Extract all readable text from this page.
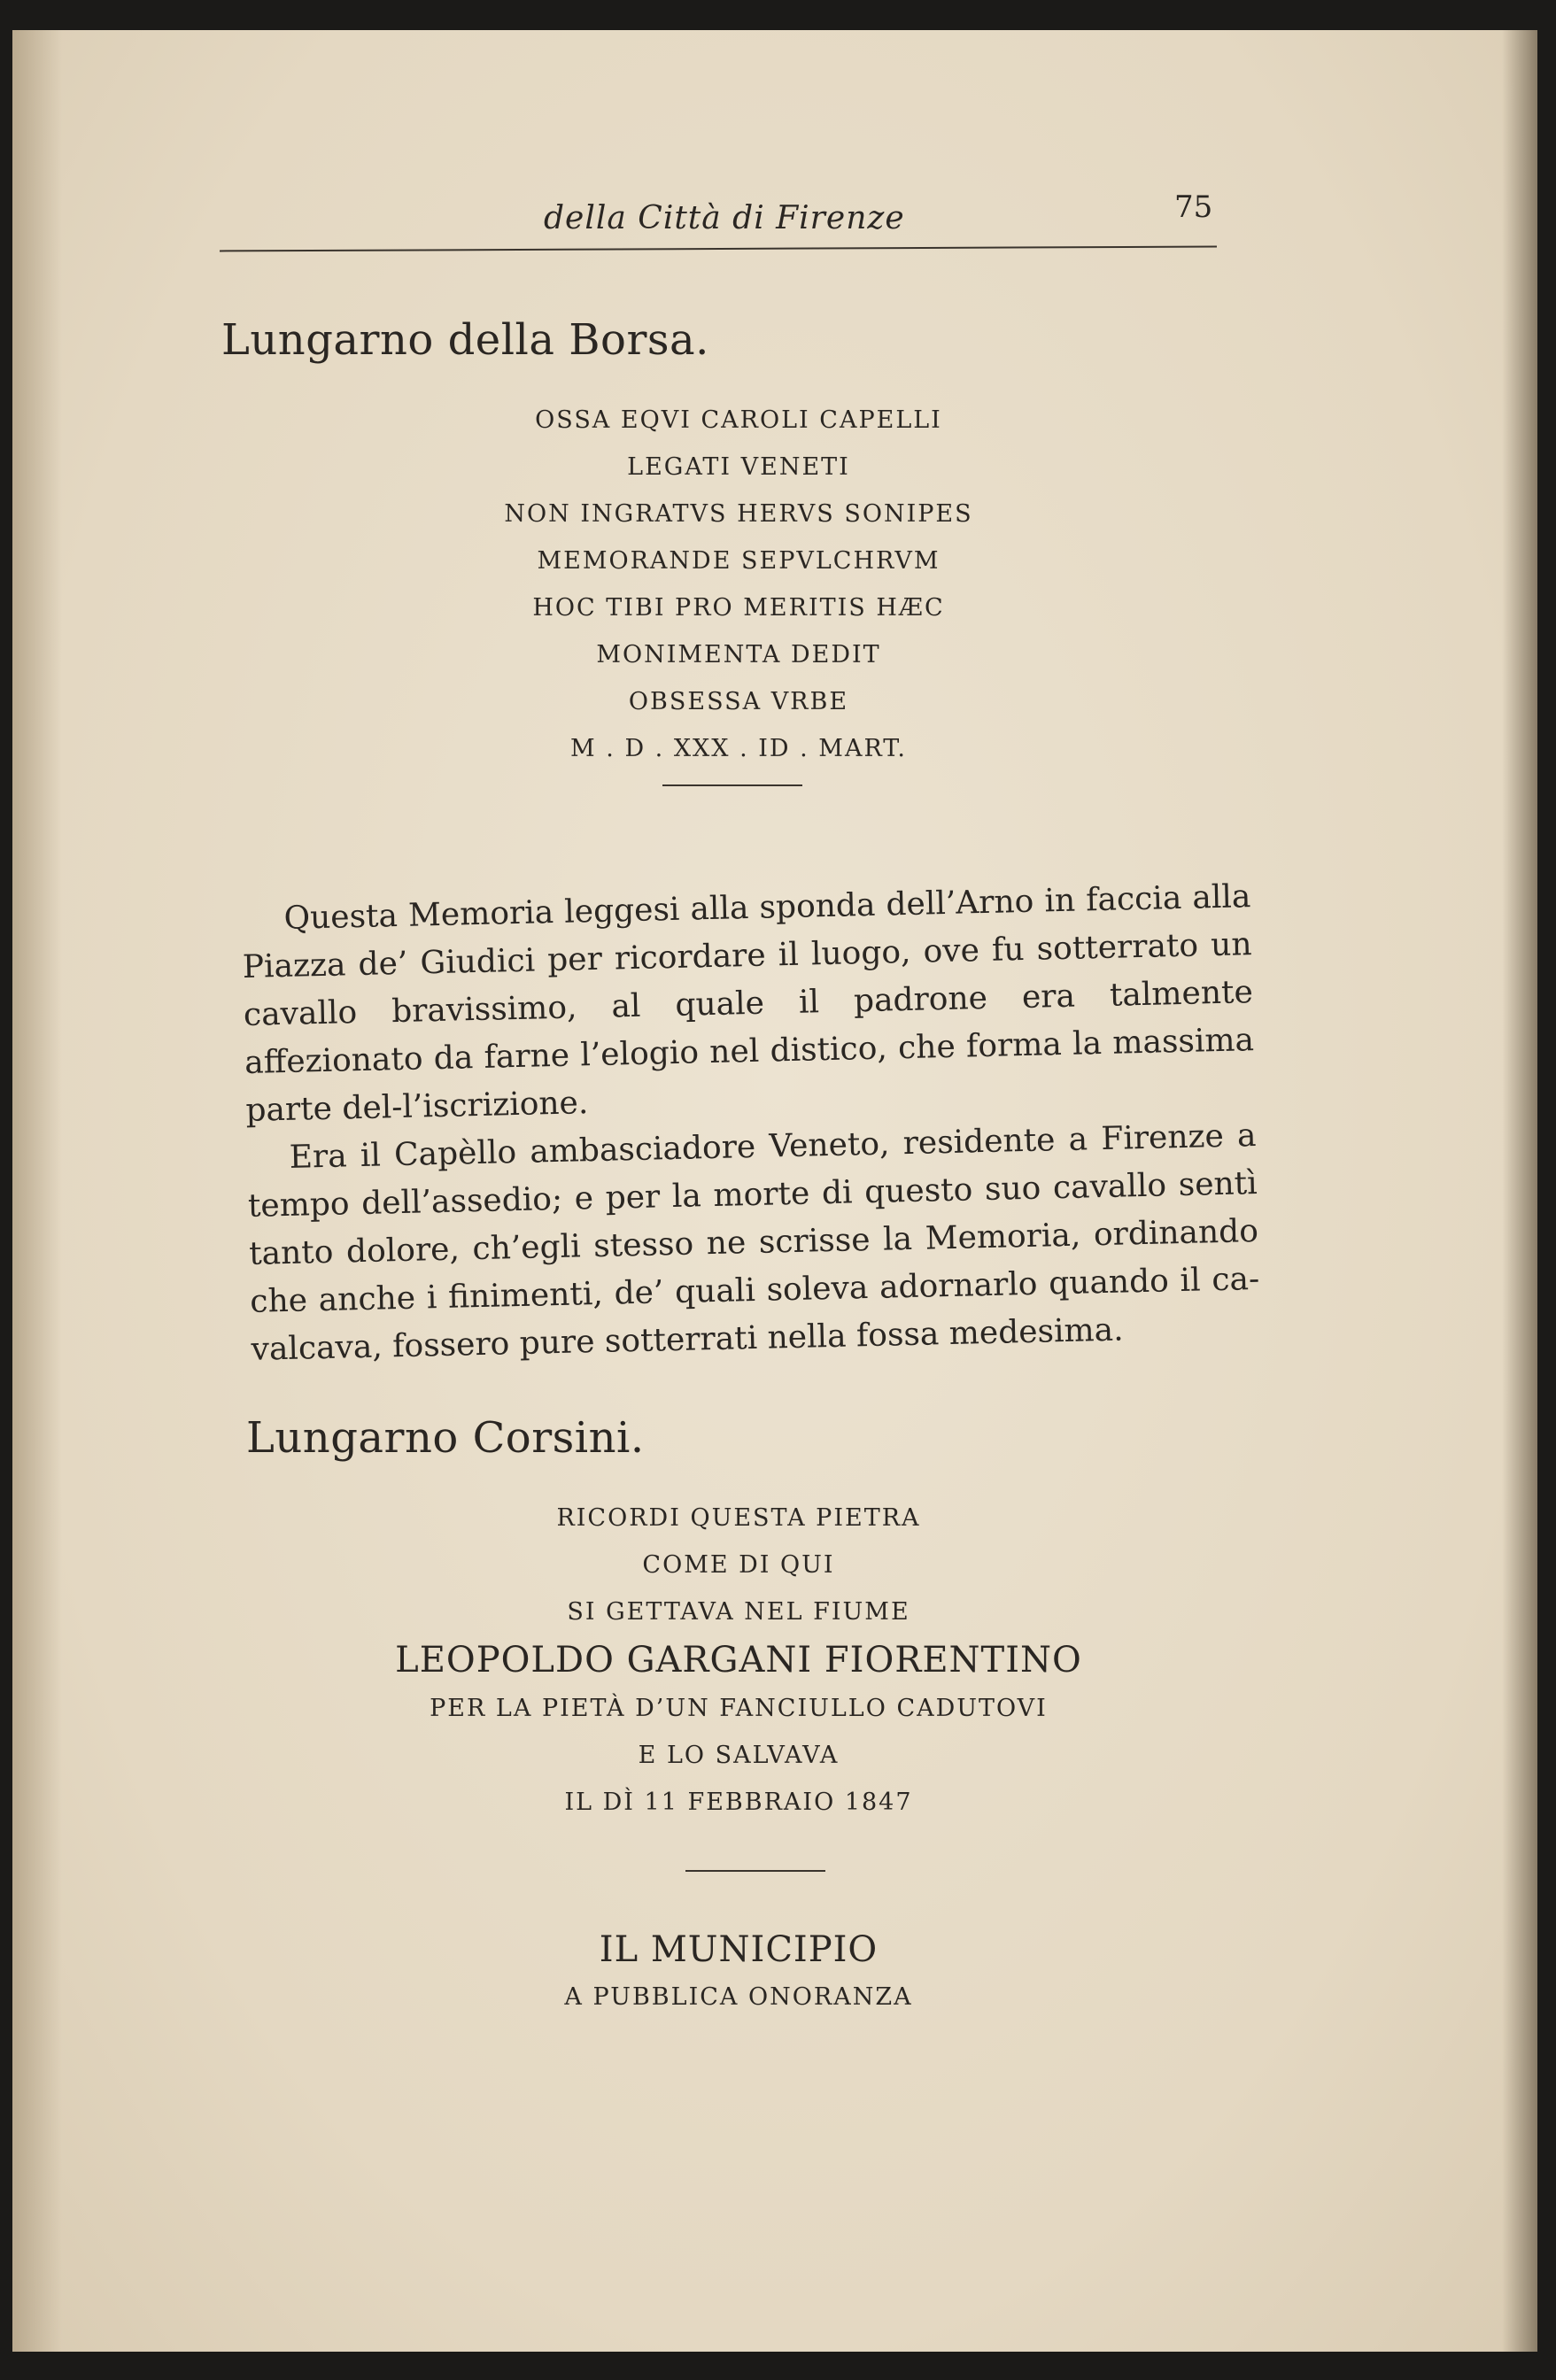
della Città di Firenze	75
Lungarno della Borsa.
OSSA EQVI CAROLI CAPELLI
LEGATI VENETI
NON INGRATVS HERVS SONIPES
MEMORANDE SEPVLCHRVM
HOC TIBI PRO MERITIS HÆC
MONIMENTA DEDIT
OBSESSA VRBE
M . D . XXX . ID . MART.

Questa Memoria leggesi alla sponda dell’Arno in faccia alla Piazza de’ Giudici per ricordare il luogo, ove fu sotterrato un cavallo bravissimo, al quale il padrone era talmente affezionato da farne l’elogio nel distico, che forma la massima parte del-l’iscrizione.

Era il Capèllo ambasciadore Veneto, residente a Firenze a tempo dell’assedio; e per la morte di questo suo cavallo sentì tanto dolore, ch’egli stesso ne scrisse la Memoria, ordinando che anche i finimenti, de’ quali soleva adornarlo quando il ca-valcava, fossero pure sotterrati nella fossa medesima.

Lungarno Corsini.
RICORDI QUESTA PIETRA
COME DI QUI
SI GETTAVA NEL FIUME
LEOPOLDO GARGANI FIORENTINO
PER LA PIETÀ D’UN FANCIULLO CADUTOVI
E LO SALVAVA
IL DÌ 11 FEBBRAIO 1847
IL MUNICIPIO
A PUBBLICA ONORANZA
